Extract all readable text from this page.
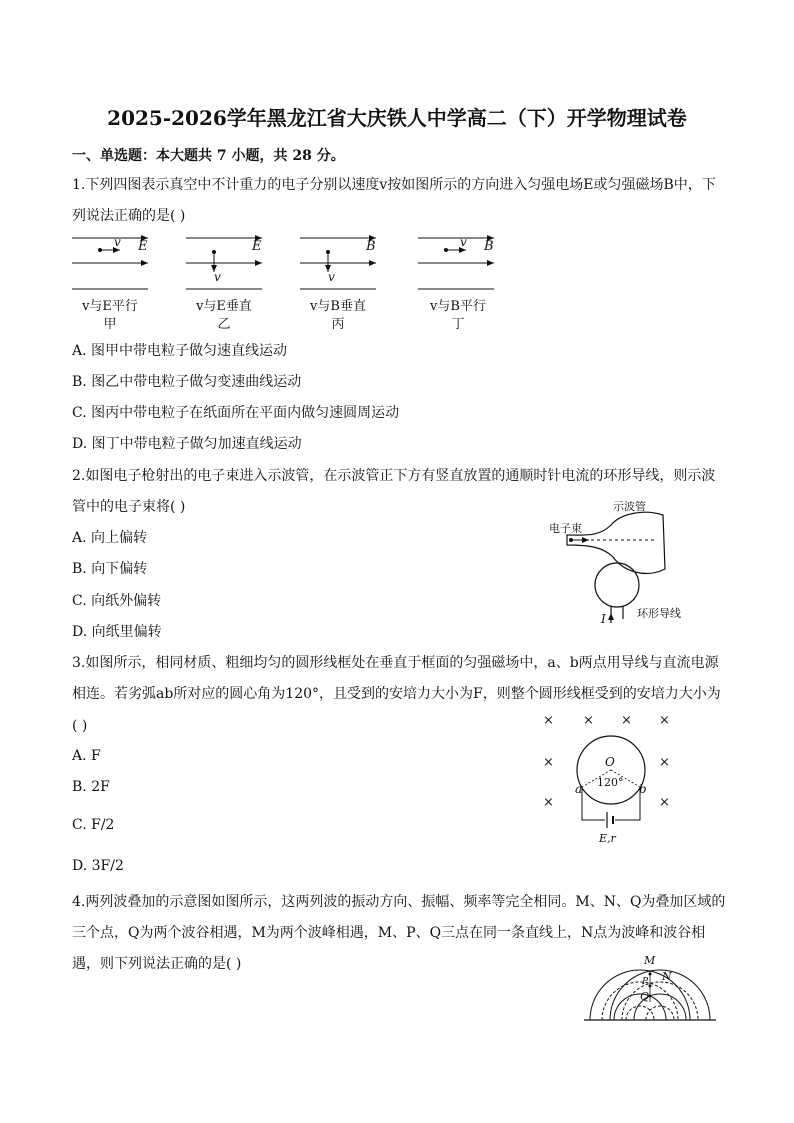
2025-2026学年黑龙江省大庆铁人中学高二（下）开学物理试卷
一、单选题：本大题共 7 小题，共 28 分。
1.下列四图表示真空中不计重力的电子分别以速度v按如图所示的方向进入匀强电场E或匀强磁场B中，下
列说法正确的是( )
v E
v与E平行
甲
v
E
v与E垂直
乙
v
B
v与B垂直
丙
v B
v与B平行
丁
A. 图甲中带电粒子做匀速直线运动
B. 图乙中带电粒子做匀变速曲线运动
C. 图丙中带电粒子在纸面所在平面内做匀速圆周运动
D. 图丁中带电粒子做匀加速直线运动
2.如图电子枪射出的电子束进入示波管，在示波管正下方有竖直放置的通顺时针电流的环形导线，则示波
管中的电子束将( )
A. 向上偏转
B. 向下偏转
C. 向纸外偏转
D. 向纸里偏转
示波管
电子束
I	环形导线
3.如图所示，相同材质、粗细均匀的圆形线框处在垂直于框面的匀强磁场中，a、b两点用导线与直流电源
相连。若劣弧ab所对应的圆心角为120°，且受到的安培力大小为F，则整个圆形线框受到的安培力大小为
( )
A. F
B. 2F
C. F/2
D. 3F/2
× × × ×
×	×
×	×
O
120°
a	b
E,r
4.两列波叠加的示意图如图所示，这两列波的振动方向、振幅、频率等完全相同。M、N、Q为叠加区域的
三个点，Q为两个波谷相遇，M为两个波峰相遇，M、P、Q三点在同一条直线上，N点为波峰和波谷相
遇，则下列说法正确的是( )	M
N
P
Q
